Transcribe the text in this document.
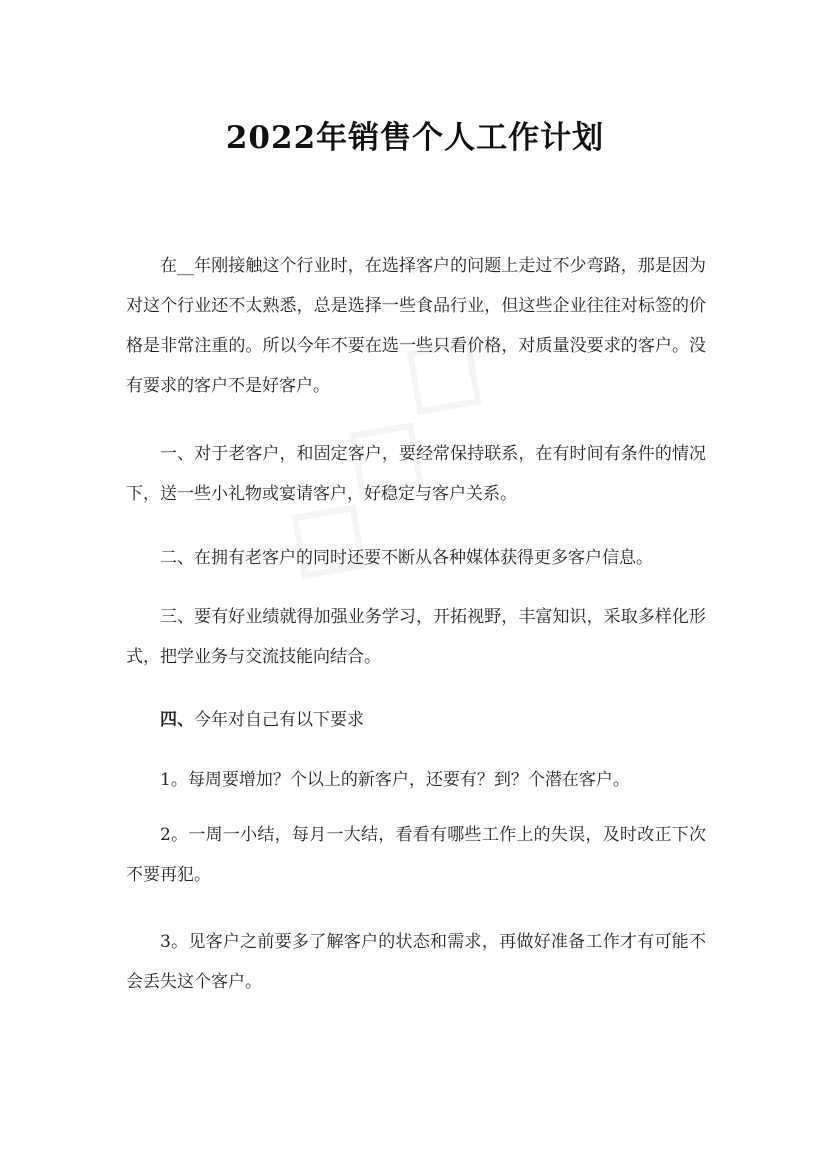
2022年销售个人工作计划

在__年刚接触这个行业时，在选择客户的问题上走过不少弯路，那是因为对这个行业还不太熟悉，总是选择一些食品行业，但这些企业往往对标签的价格是非常注重的。所以今年不要在选一些只看价格，对质量没要求的客户。没有要求的客户不是好客户。

一、对于老客户，和固定客户，要经常保持联系，在有时间有条件的情况下，送一些小礼物或宴请客户，好稳定与客户关系。

二、在拥有老客户的同时还要不断从各种媒体获得更多客户信息。

三、要有好业绩就得加强业务学习，开拓视野，丰富知识，采取多样化形式，把学业务与交流技能向结合。

四、今年对自己有以下要求

1。每周要增加？个以上的新客户，还要有？到？个潜在客户。

2。一周一小结，每月一大结，看看有哪些工作上的失误，及时改正下次不要再犯。

3。见客户之前要多了解客户的状态和需求，再做好准备工作才有可能不会丢失这个客户。
